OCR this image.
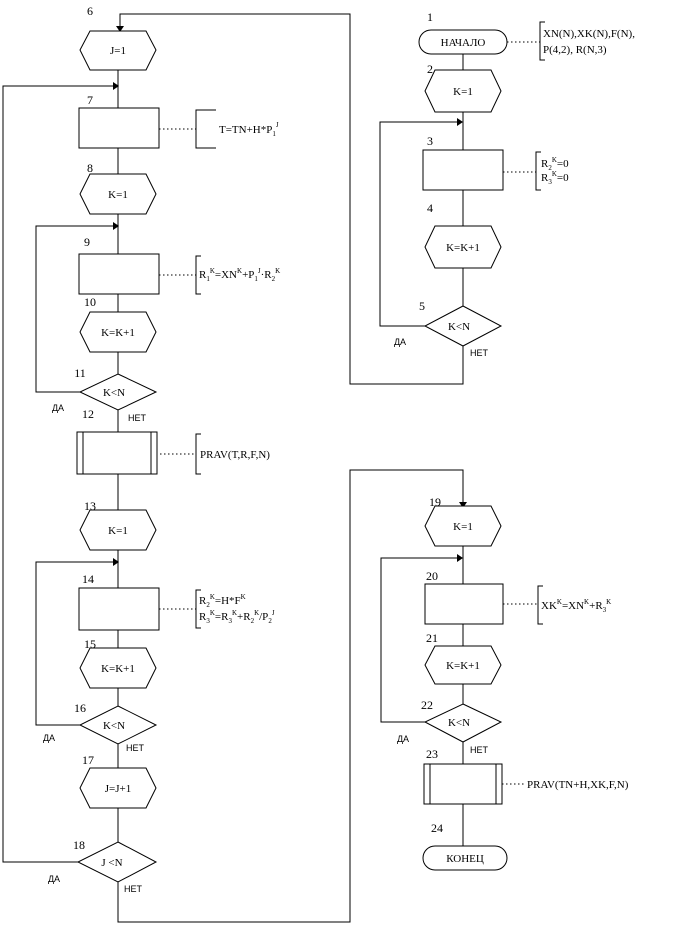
НАЧАЛО
K=1
K=K+1
K<N
J=1
K=1
K=K+1
K<N
K=1
K=K+1
K<N
J=J+1
J <N
K=1
K=K+1
K<N
КОНЕЦ
1
2
3
4
5
6
7
8
9
10
11
12
13
14
15
16
17
18
19
20
21
22
23
24
ДА
НЕТ
ДА
НЕТ
ДА
НЕТ
ДА
НЕТ
ДА
НЕТ
XN(N),XK(N),F(N),
P(4,2), R(N,3)
$R_2^K=0$
$R_3^K=0$
$T=TN+H*P_1^J$
$R_1^K=XN^K+P_1^J\cdot R_2^K$
PRAV(T,R,F,N)
$R_2^K=H*F^K$
$R_3^K=R_3^K+R_2^K/P_2^J$
$XK^K=XN^K+R_3^K$
PRAV(TN+H,XK,F,N)
